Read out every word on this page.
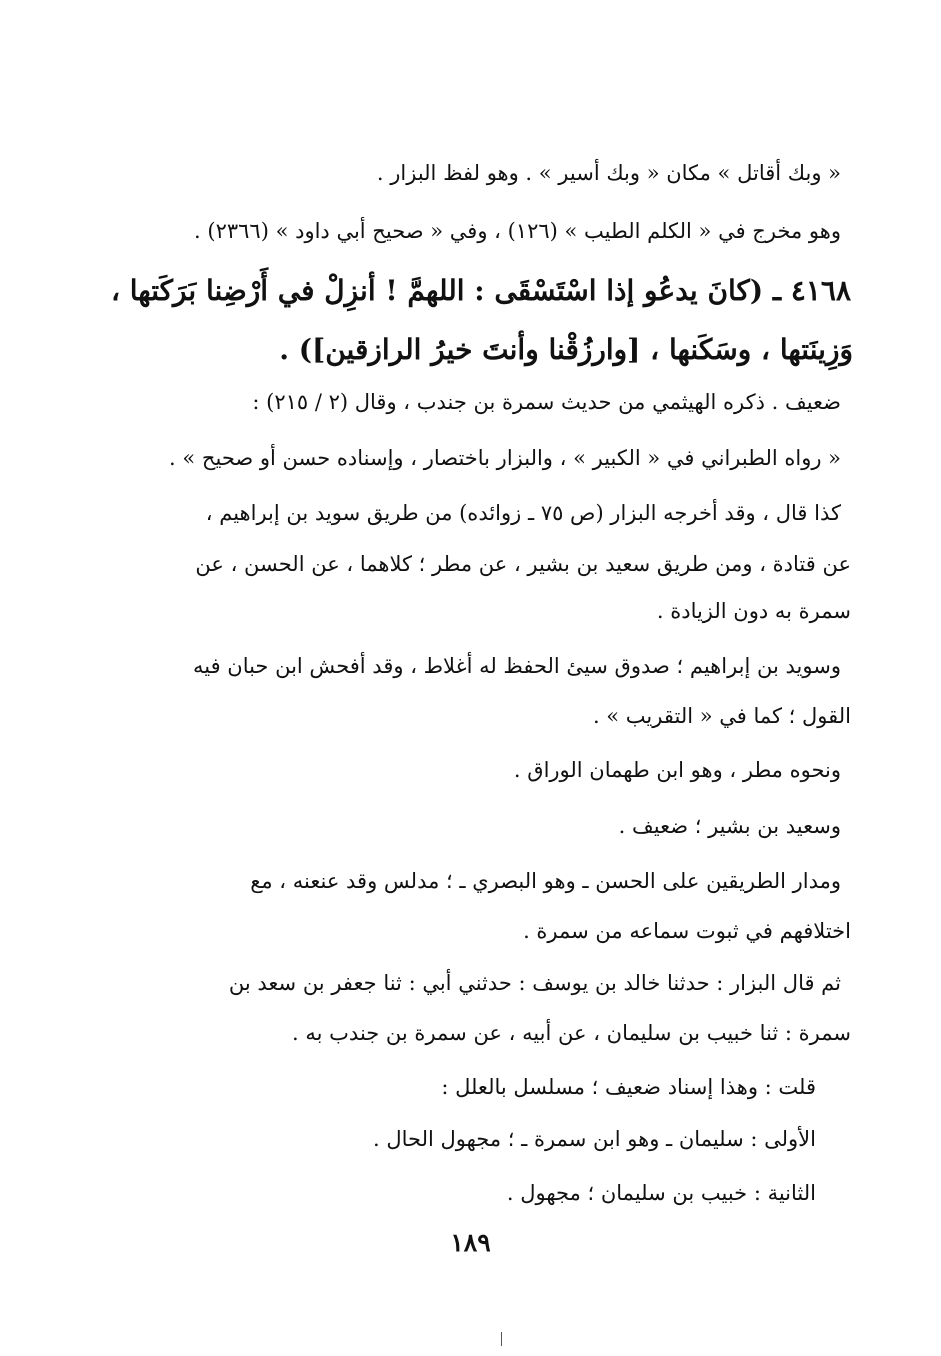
« وبك أقاتل » مكان « وبك أسير » . وهو لفظ البزار .
وهو مخرج في « الكلم الطيب » (١٢٦) ، وفي « صحيح أبي داود » (٢٣٦٦) .
٤١٦٨ ـ (كانَ يدعُو إذا اسْتَسْقَى : اللهمَّ ! أنزِلْ في أَرْضِنا بَرَكَتها ،
وَزِينَتها ، وسَكَنها ، [وارزُقْنا وأنتَ خيرُ الرازقين]) .
ضعيف . ذكره الهيثمي من حديث سمرة بن جندب ، وقال (٢ / ٢١٥) :
« رواه الطبراني في « الكبير » ، والبزار باختصار ، وإسناده حسن أو صحيح » .
كذا قال ، وقد أخرجه البزار (ص ٧٥ ـ زوائده) من طريق سويد بن إبراهيم ،
عن قتادة ، ومن طريق سعيد بن بشير ، عن مطر ؛ كلاهما ، عن الحسن ، عن
سمرة به دون الزيادة .
وسويد بن إبراهيم ؛ صدوق سيئ الحفظ له أغلاط ، وقد أفحش ابن حبان فيه
القول ؛ كما في « التقريب » .
ونحوه مطر ، وهو ابن طهمان الوراق .
وسعيد بن بشير ؛ ضعيف .
ومدار الطريقين على الحسن ـ وهو البصري ـ ؛ مدلس وقد عنعنه ، مع
اختلافهم في ثبوت سماعه من سمرة .
ثم قال البزار : حدثنا خالد بن يوسف : حدثني أبي : ثنا جعفر بن سعد بن
سمرة : ثنا خبيب بن سليمان ، عن أبيه ، عن سمرة بن جندب به .
قلت : وهذا إسناد ضعيف ؛ مسلسل بالعلل :
الأولى : سليمان ـ وهو ابن سمرة ـ ؛ مجهول الحال .
الثانية : خبيب بن سليمان ؛ مجهول .
١٨٩
